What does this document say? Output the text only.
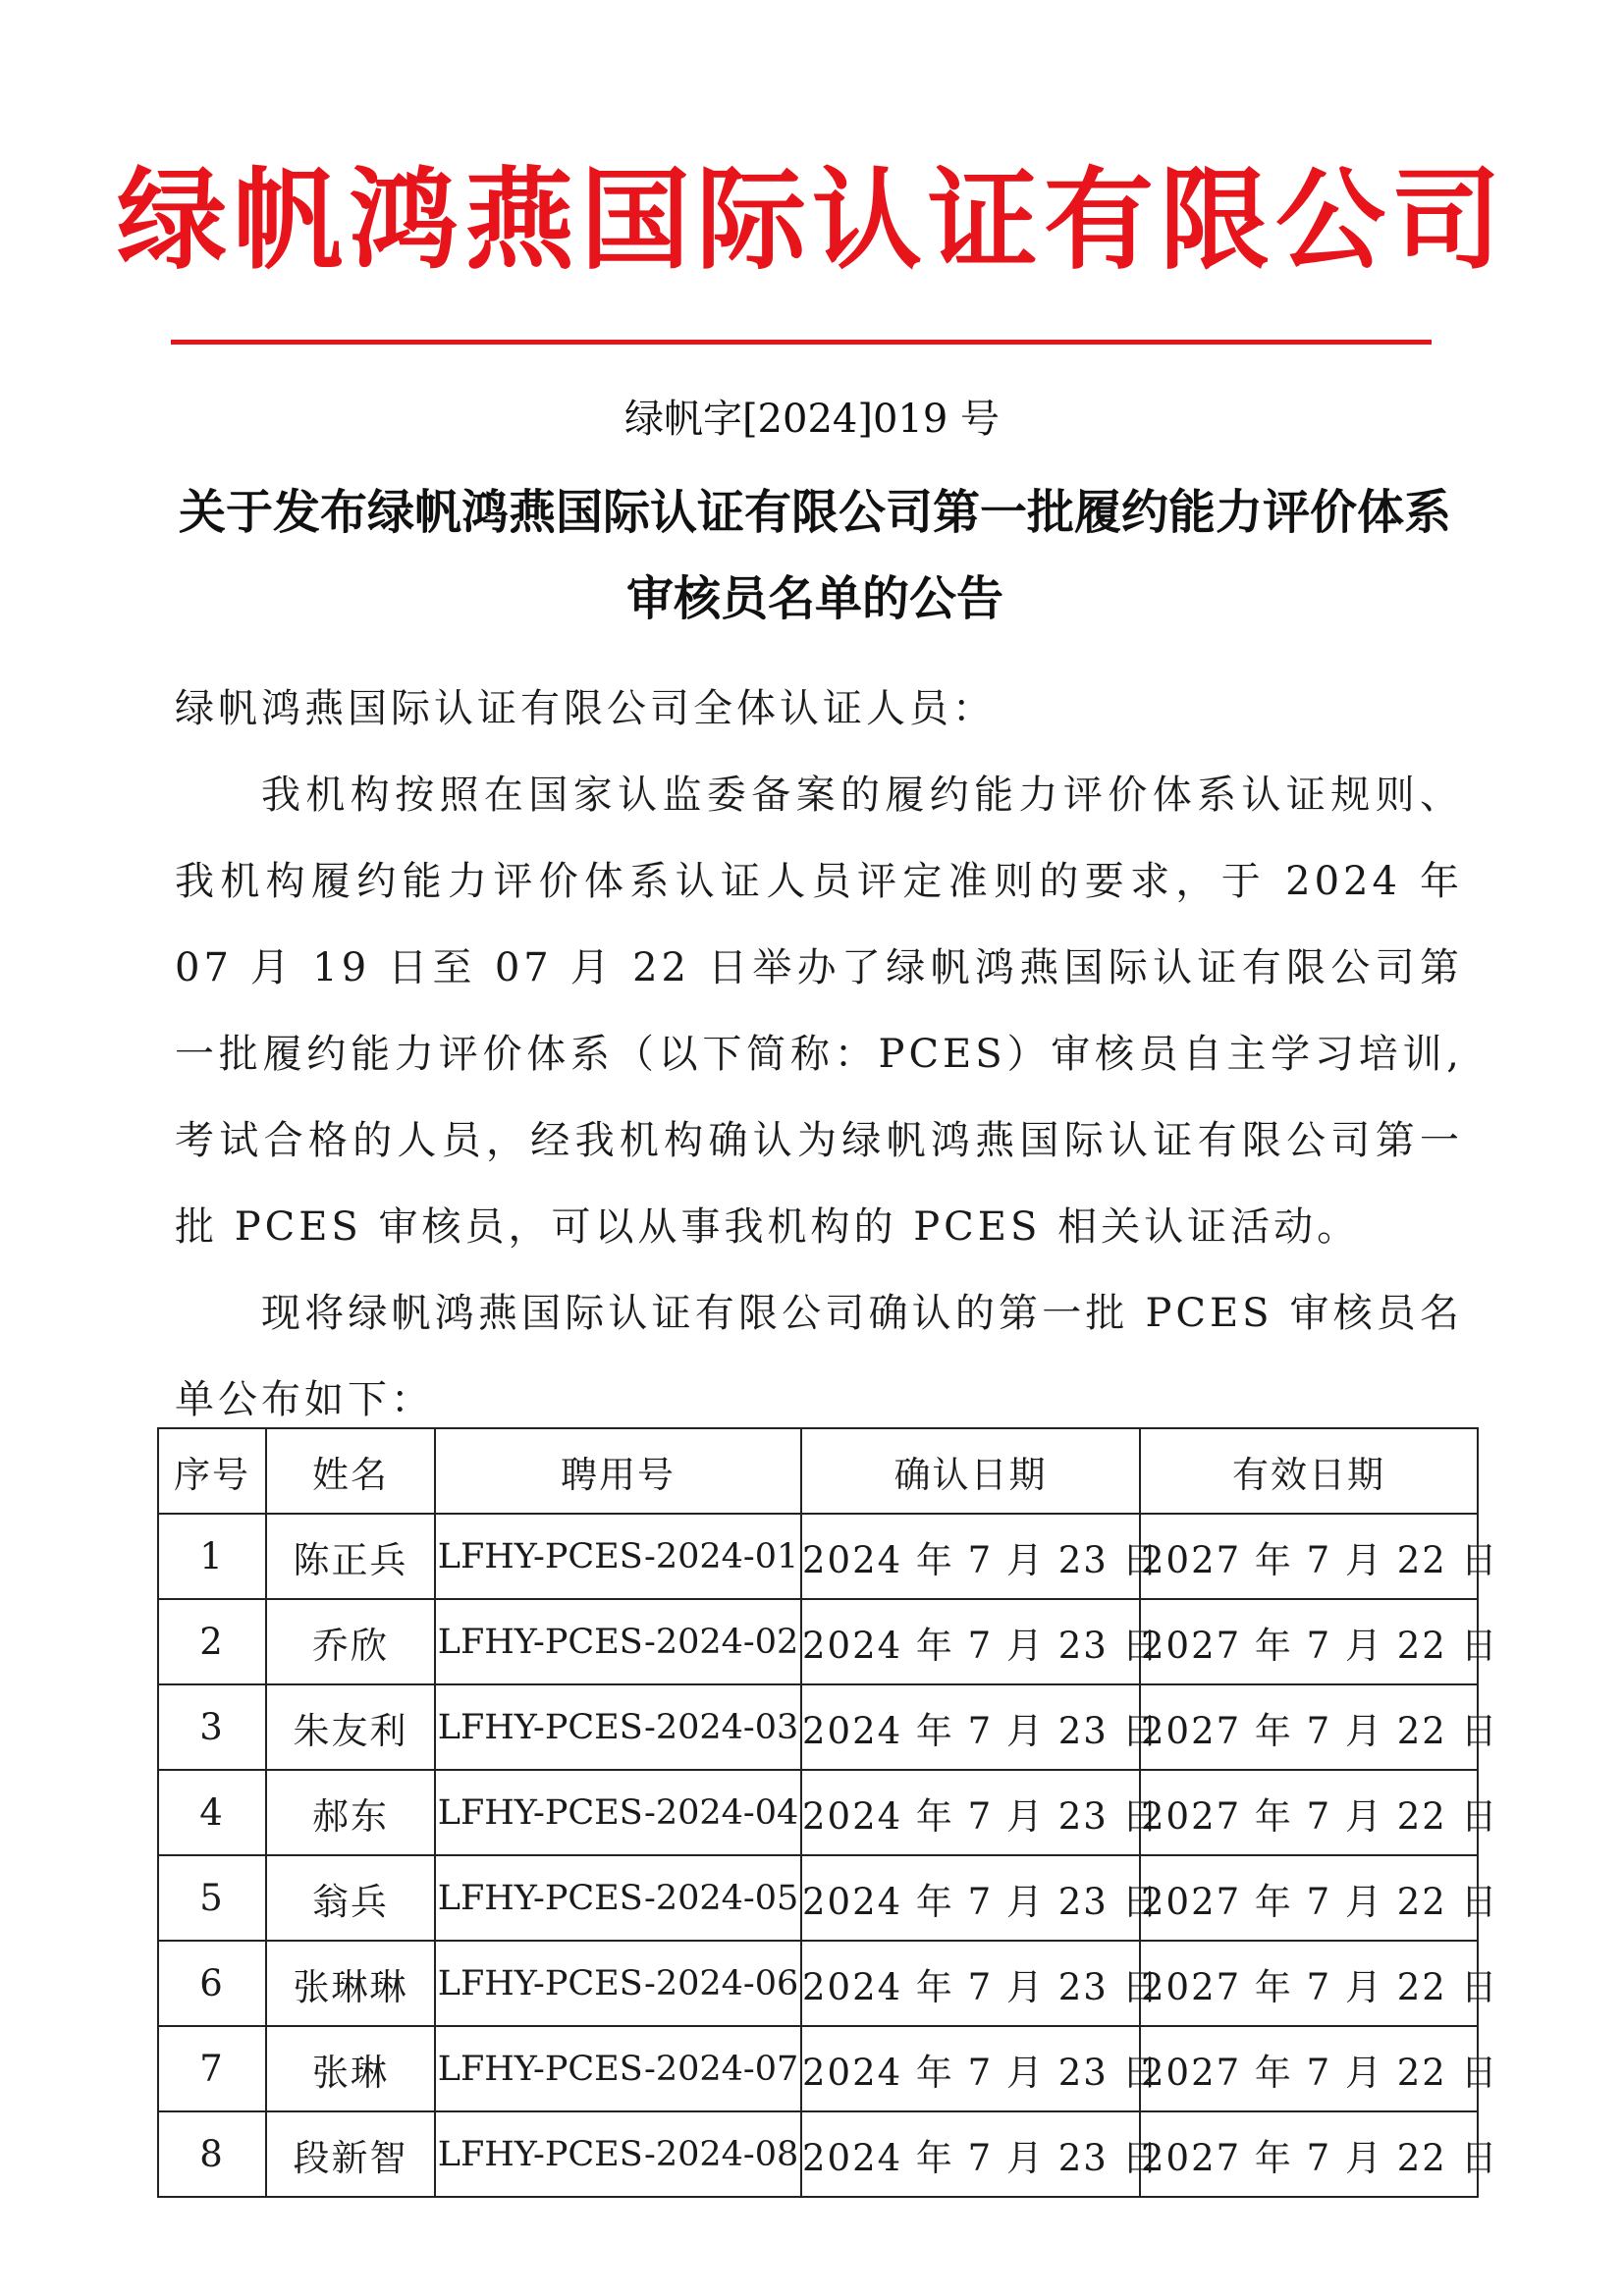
绿帆鸿燕国际认证有限公司
绿帆字[2024]019 号
关于发布绿帆鸿燕国际认证有限公司第一批履约能力评价体系审核员名单的公告

绿帆鸿燕国际认证有限公司全体认证人员：

我机构按照在国家认监委备案的履约能力评价体系认证规则、我机构履约能力评价体系认证人员评定准则的要求，于 2024 年 07 月 19 日至 07 月 22 日举办了绿帆鸿燕国际认证有限公司第一批履约能力评价体系（以下简称：PCES）审核员自主学习培训,考试合格的人员，经我机构确认为绿帆鸿燕国际认证有限公司第一批 PCES 审核员，可以从事我机构的 PCES 相关认证活动。

现将绿帆鸿燕国际认证有限公司确认的第一批 PCES 审核员名单公布如下：

序号	姓名	聘用号	确认日期	有效日期
1	陈正兵	LFHY-PCES-2024-01	2024 年 7 月 23 日	2027 年 7 月 22 日
2	乔欣	LFHY-PCES-2024-02	2024 年 7 月 23 日	2027 年 7 月 22 日
3	朱友利	LFHY-PCES-2024-03	2024 年 7 月 23 日	2027 年 7 月 22 日
4	郝东	LFHY-PCES-2024-04	2024 年 7 月 23 日	2027 年 7 月 22 日
5	翁兵	LFHY-PCES-2024-05	2024 年 7 月 23 日	2027 年 7 月 22 日
6	张琳琳	LFHY-PCES-2024-06	2024 年 7 月 23 日	2027 年 7 月 22 日
7	张琳	LFHY-PCES-2024-07	2024 年 7 月 23 日	2027 年 7 月 22 日
8	段新智	LFHY-PCES-2024-08	2024 年 7 月 23 日	2027 年 7 月 22 日
